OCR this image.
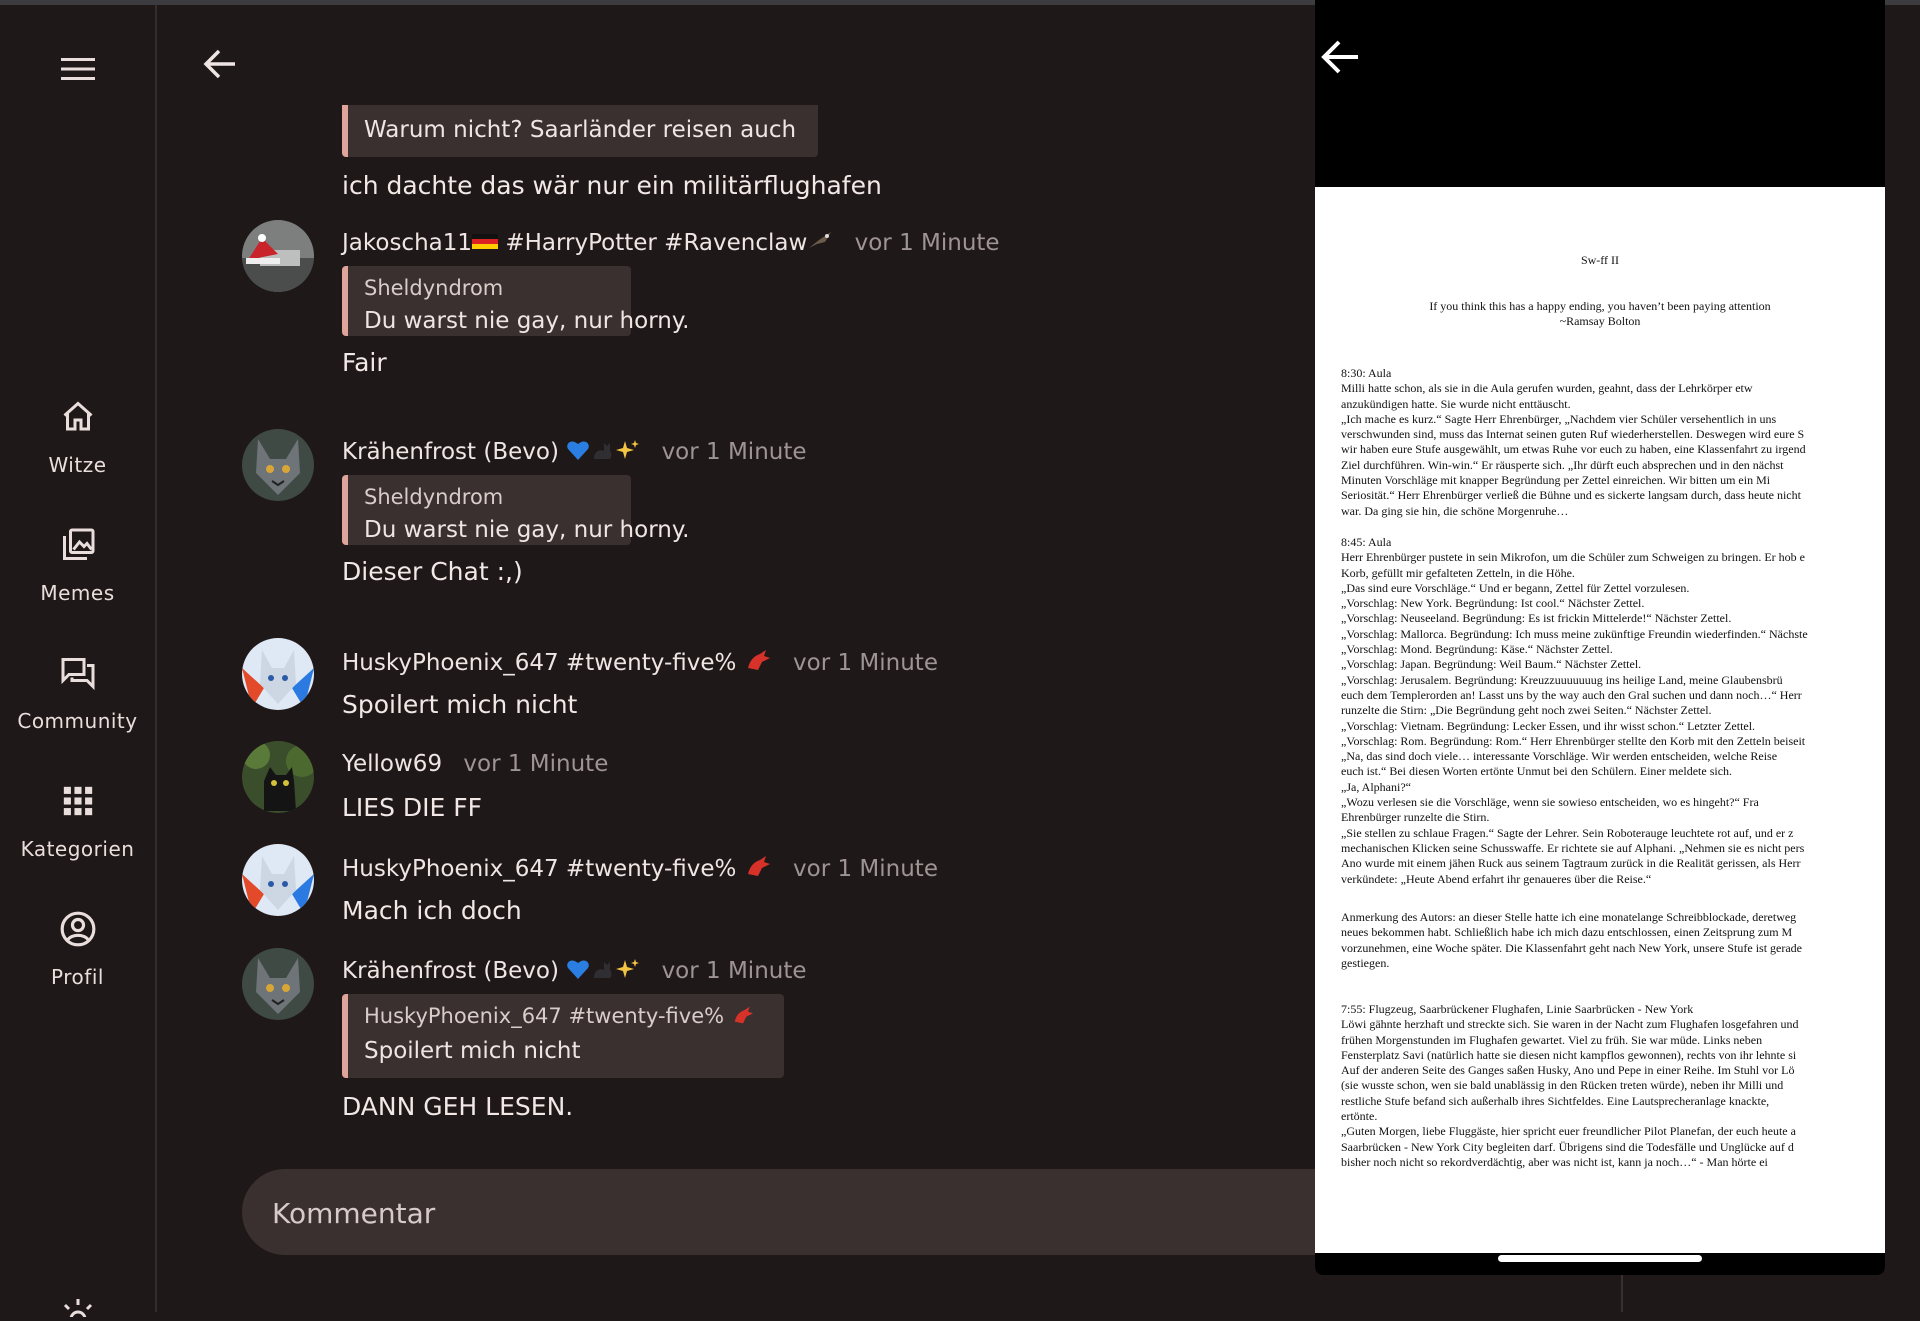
Witze
Memes
Community
Kategorien
Profil
Warum nicht? Saarländer reisen auch
ich dachte das wär nur ein militärflughafen
Jakoscha11 #HarryPotter #Ravenclaw vor 1 Minute
Sheldyndrom
Du warst nie gay, nur horny.
Fair
Krähenfrost (Bevo)	vor 1 Minute
Sheldyndrom
Du warst nie gay, nur horny.
Dieser Chat :,)
HuskyPhoenix_647 #twenty-five% vor 1 Minute
Spoilert mich nicht
Yellow69 vor 1 Minute
LIES DIE FF
HuskyPhoenix_647 #twenty-five% vor 1 Minute
Mach ich doch
Krähenfrost (Bevo)	vor 1 Minute
HuskyPhoenix_647 #twenty-five%
Spoilert mich nicht
DANN GEH LESEN.
Kommentar
Sw-ff II
If you think this has a happy ending, you haven’t been paying attention
~Ramsay Bolton
8:30: Aula
Milli hatte schon, als sie in die Aula gerufen wurden, geahnt, dass der Lehrkörper etw
anzukündigen hatte. Sie wurde nicht enttäuscht.
„Ich mache es kurz.“ Sagte Herr Ehrenbürger, „Nachdem vier Schüler versehentlich in uns
verschwunden sind, muss das Internat seinen guten Ruf wiederherstellen. Deswegen wird eure S
wir haben eure Stufe ausgewählt, um etwas Ruhe vor euch zu haben, eine Klassenfahrt zu irgend
Ziel durchführen. Win-win.“ Er räusperte sich. „Ihr dürft euch absprechen und in den nächst
Minuten Vorschläge mit knapper Begründung per Zettel einreichen. Wir bitten um ein Mi
Seriosität.“ Herr Ehrenbürger verließ die Bühne und es sickerte langsam durch, dass heute nicht
war. Da ging sie hin, die schöne Morgenruhe…
8:45: Aula
Herr Ehrenbürger pustete in sein Mikrofon, um die Schüler zum Schweigen zu bringen. Er hob e
Korb, gefüllt mir gefalteten Zetteln, in die Höhe.
„Das sind eure Vorschläge.“ Und er begann, Zettel für Zettel vorzulesen.
„Vorschlag: New York. Begründung: Ist cool.“ Nächster Zettel.
„Vorschlag: Neuseeland. Begründung: Es ist frickin Mittelerde!“ Nächster Zettel.
„Vorschlag: Mallorca. Begründung: Ich muss meine zukünftige Freundin wiederfinden.“ Nächste
„Vorschlag: Mond. Begründung: Käse.“ Nächster Zettel.
„Vorschlag: Japan. Begründung: Weil Baum.“ Nächster Zettel.
„Vorschlag: Jerusalem. Begründung: Kreuzzuuuuuuug ins heilige Land, meine Glaubensbrü
euch dem Templerorden an! Lasst uns by the way auch den Gral suchen und dann noch…“ Herr
runzelte die Stirn: „Die Begründung geht noch zwei Seiten.“ Nächster Zettel.
„Vorschlag: Vietnam. Begründung: Lecker Essen, und ihr wisst schon.“ Letzter Zettel.
„Vorschlag: Rom. Begründung: Rom.“ Herr Ehrenbürger stellte den Korb mit den Zetteln beiseit
„Na, das sind doch viele… interessante Vorschläge. Wir werden entscheiden, welche Reise
euch ist.“ Bei diesen Worten ertönte Unmut bei den Schülern. Einer meldete sich.
„Ja, Alphani?“
„Wozu verlesen sie die Vorschläge, wenn sie sowieso entscheiden, wo es hingeht?“ Fra
Ehrenbürger runzelte die Stirn.
„Sie stellen zu schlaue Fragen.“ Sagte der Lehrer. Sein Roboterauge leuchtete rot auf, und er z
mechanischen Klicken seine Schusswaffe. Er richtete sie auf Alphani. „Nehmen sie es nicht pers
Ano wurde mit einem jähen Ruck aus seinem Tagtraum zurück in die Realität gerissen, als Herr
verkündete: „Heute Abend erfahrt ihr genaueres über die Reise.“
Anmerkung des Autors: an dieser Stelle hatte ich eine monatelange Schreibblockade, deretweg
neues bekommen habt. Schließlich habe ich mich dazu entschlossen, einen Zeitsprung zum M
vorzunehmen, eine Woche später. Die Klassenfahrt geht nach New York, unsere Stufe ist gerade
gestiegen.
7:55: Flugzeug, Saarbrückener Flughafen, Linie Saarbrücken - New York
Löwi gähnte herzhaft und streckte sich. Sie waren in der Nacht zum Flughafen losgefahren und
frühen Morgenstunden im Flughafen gewartet. Viel zu früh. Sie war müde. Links neben
Fensterplatz Savi (natürlich hatte sie diesen nicht kampflos gewonnen), rechts von ihr lehnte si
Auf der anderen Seite des Ganges saßen Husky, Ano und Pepe in einer Reihe. Im Stuhl vor Lö
(sie wusste schon, wen sie bald unablässig in den Rücken treten würde), neben ihr Milli und
restliche Stufe befand sich außerhalb ihres Sichtfeldes. Eine Lautsprecheranlage knackte,
ertönte.
„Guten Morgen, liebe Fluggäste, hier spricht euer freundlicher Pilot Planefan, der euch heute a
Saarbrücken - New York City begleiten darf. Übrigens sind die Todesfälle und Unglücke auf d
bisher noch nicht so rekordverdächtig, aber was nicht ist, kann ja noch…“ - Man hörte ei
